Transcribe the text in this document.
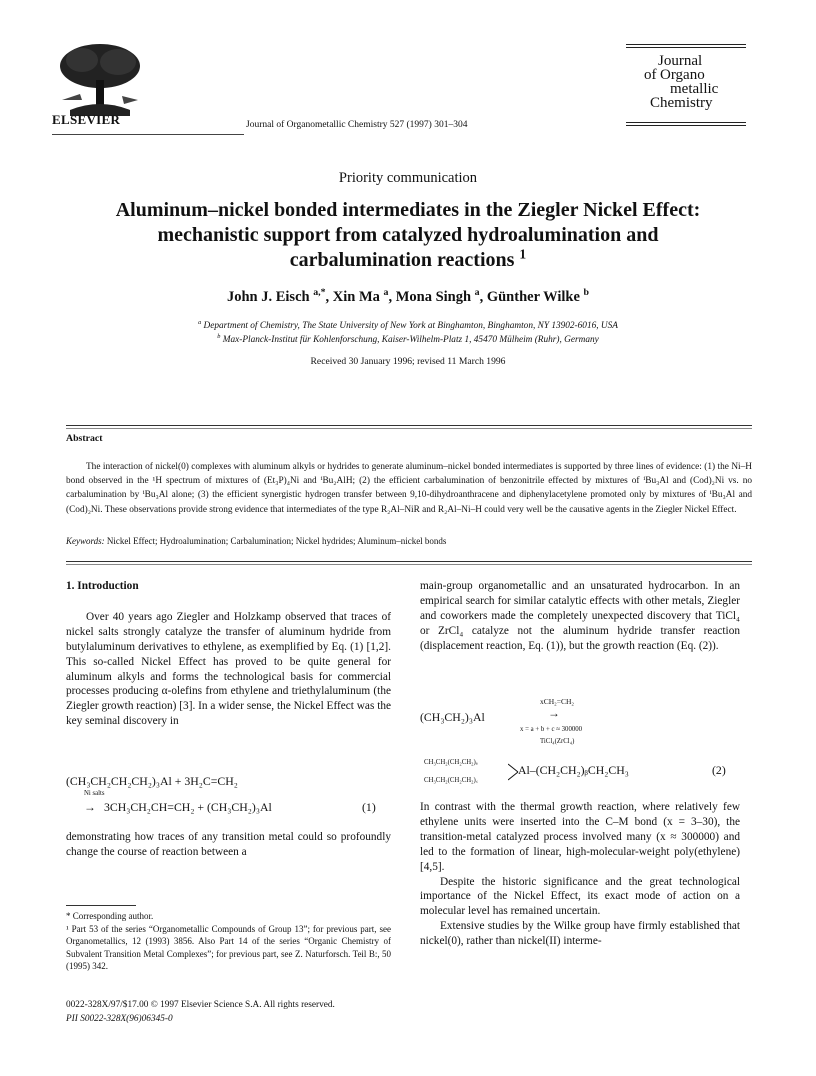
ELSEVIER	Journal of Organometallic Chemistry 527 (1997) 301–304
Journal
of Organo
metallic
Chemistry
Priority communication
Aluminum–nickel bonded intermediates in the Ziegler Nickel Effect:
mechanistic support from catalyzed hydroalumination and
carbalumination reactions $^1$
John J. Eisch $^{a,*}$, Xin Ma $^a$, Mona Singh $^a$, Günther Wilke $^b$
$^a$ Department of Chemistry, The State University of New York at Binghamton, Binghamton, NY 13902-6016, USA
$^b$ Max-Planck-Institut für Kohlenforschung, Kaiser-Wilhelm-Platz 1, 45470 Mülheim (Ruhr), Germany
Received 30 January 1996; revised 11 March 1996
Abstract
The interaction of nickel(0) complexes with aluminum alkyls or hydrides to generate aluminum–nickel bonded intermediates is supported by three lines of evidence: (1) the Ni–H bond observed in the ¹H spectrum of mixtures of (Et₃P)₄Ni and ⁱBu₂AlH; (2) the efficient carbalumination of benzonitrile effected by mixtures of ⁱBu₃Al and (Cod)₂Ni vs. no carbalumination by ⁱBu₃Al alone; (3) the efficient synergistic hydrogen transfer between 9,10-dihydroanthracene and diphenylacetylene promoted only by mixtures of ⁱBu₃Al and (Cod)₂Ni. These observations provide strong evidence that intermediates of the type R₂Al–NiR and R₂Al–Ni–H could very well be the causative agents in the Ziegler Nickel Effect.
Keywords: Nickel Effect; Hydroalumination; Carbalumination; Nickel hydrides; Aluminum–nickel bonds
1. Introduction

Over 40 years ago Ziegler and Holzkamp observed that traces of nickel salts strongly catalyze the transfer of aluminum hydride from butylaluminum derivatives to ethylene, as exemplified by Eq. (1) [1,2]. This so-called Nickel Effect has proved to be quite general for aluminum alkyls and forms the technological basis for commercial processes producing α-olefins from ethylene and triethylaluminum (the Ziegler growth reaction) [3]. In a wider sense, the Nickel Effect was the key seminal discovery in

(CH₃CH₂CH₂CH₂)₃Al + 3H₂C=CH₂
Ni salts
→ 3CH₃CH₂CH=CH₂ + (CH₃CH₂)₃Al	(1)

demonstrating how traces of any transition metal could so profoundly change the course of reaction between a

* Corresponding author.

¹ Part 53 of the series “Organometallic Compounds of Group 13”; for previous part, see Organometallics, 12 (1993) 3856. Also Part 14 of the series “Organic Chemistry of Subvalent Transition Metal Complexes”; for previous part, see Z. Naturforsch. Teil B:, 50 (1995) 342.

0022-328X/97/$17.00 © 1997 Elsevier Science S.A. All rights reserved.
PII S0022-328X(96)06345-0

main-group organometallic and an unsaturated hydrocarbon. In an empirical search for similar catalytic effects with other metals, Ziegler and coworkers made the completely unexpected discovery that TiCl₄ or ZrCl₄ catalyze not the aluminum hydride transfer reaction (displacement reaction, Eq. (1)), but the growth reaction (Eq. (2)).

(CH₃CH₂)₃Al
xCH₂=CH₂
→
x = a + b + c ≈ 300000
TiCl₄(ZrCl₄)
CH₃CH₂(CH₂CH₂)ₐ
CH₃CH₂(CH₂CH₂)꜀
Al–(CH₂CH₂)ᵦCH₂CH₃	(2)

In contrast with the thermal growth reaction, where relatively few ethylene units were inserted into the C–M bond (x = 3–30), the transition-metal catalyzed process involved many (x ≈ 300000) and led to the formation of linear, high-molecular-weight poly(ethylene) [4,5].

Despite the historic significance and the great technological importance of the Nickel Effect, its exact mode of action on a molecular level has remained uncertain.

Extensive studies by the Wilke group have firmly established that nickel(0), rather than nickel(II) interme-
